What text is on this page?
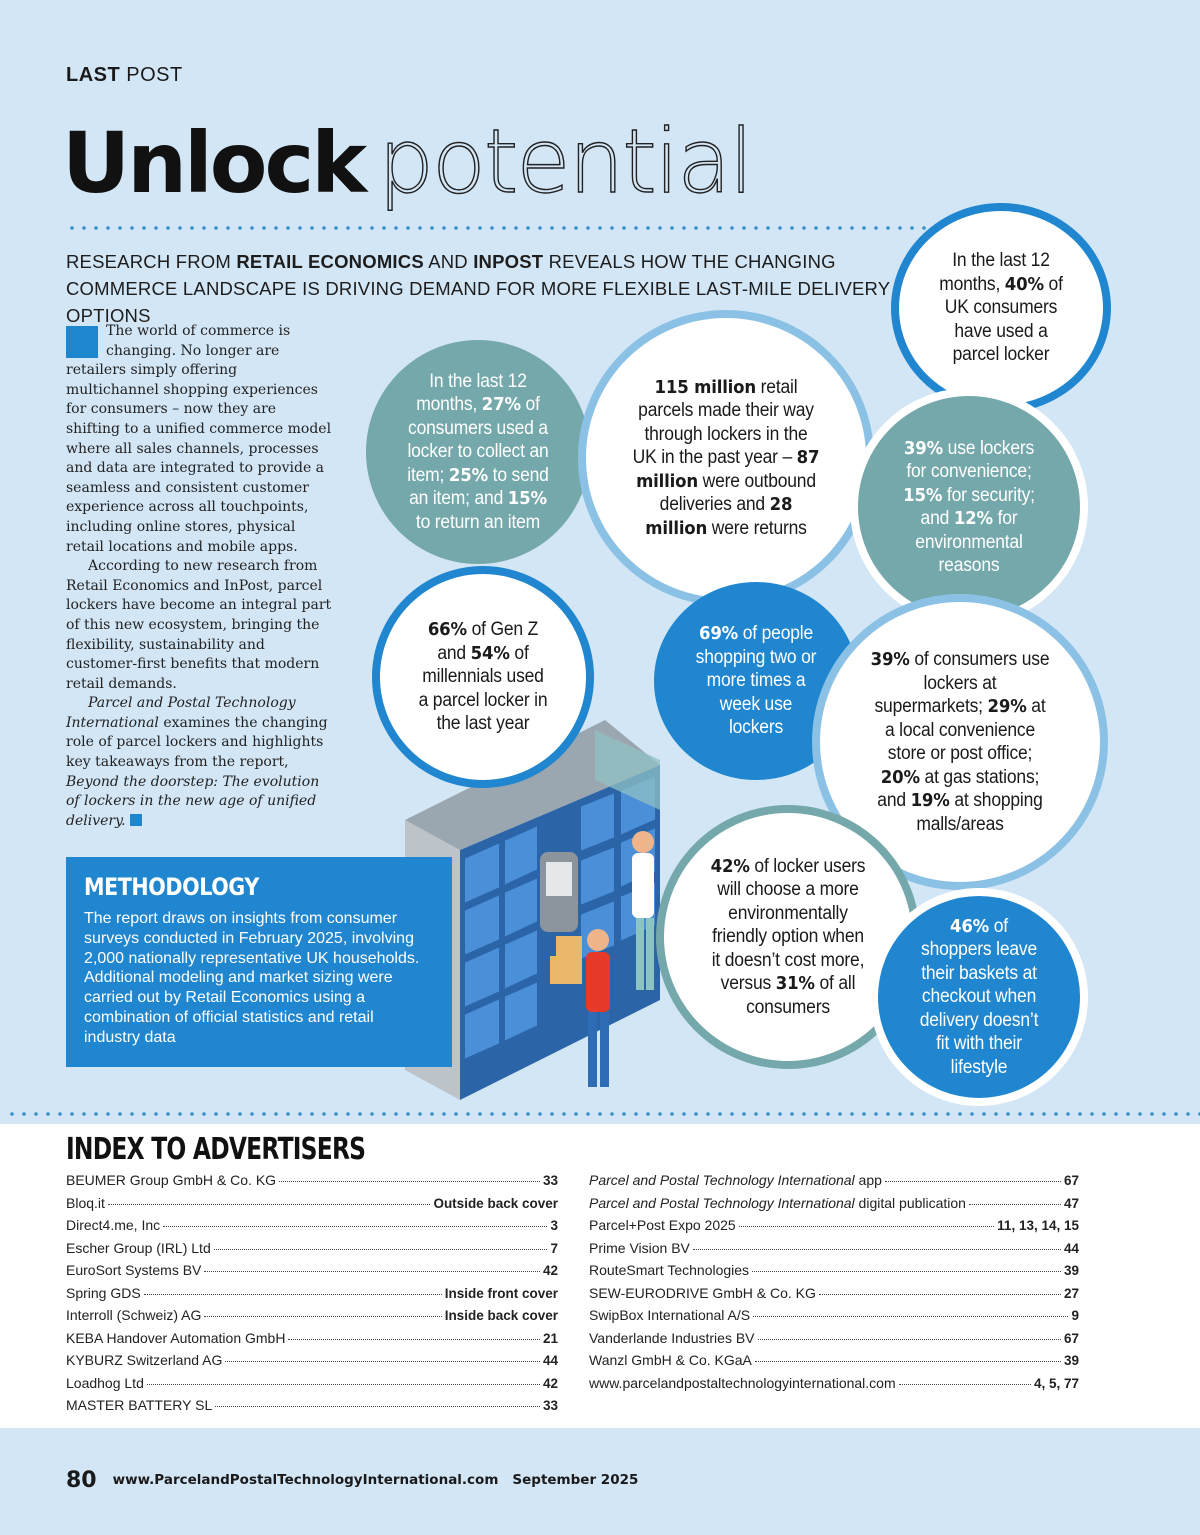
LAST POST
Unlock potential
RESEARCH FROM RETAIL ECONOMICS AND INPOST REVEALS HOW THE CHANGING COMMERCE LANDSCAPE IS DRIVING DEMAND FOR MORE FLEXIBLE LAST-MILE DELIVERY OPTIONS

The world of commerce is changing. No longer are retailers simply offering multichannel shopping experiences for consumers – now they are shifting to a unified commerce model where all sales channels, processes and data are integrated to provide a seamless and consistent customer experience across all touchpoints, including online stores, physical retail locations and mobile apps.

According to new research from Retail Economics and InPost, parcel lockers have become an integral part of this new ecosystem, bringing the flexibility, sustainability and customer-first benefits that modern retail demands.

Parcel and Postal Technology International examines the changing role of parcel lockers and highlights key takeaways from the report, Beyond the doorstep: The evolution of lockers in the new age of unified delivery.

In the last 12 months, 40% of UK consumers have used a parcel locker
In the last 12 months, 27% of consumers used a locker to collect an item; 25% to send an item; and 15% to return an item
115 million retail parcels made their way through lockers in the UK in the past year – 87 million were outbound deliveries and 28 million were returns
39% use lockers for convenience; 15% for security; and 12% for environmental reasons
66% of Gen Z and 54% of millennials used a parcel locker in the last year
69% of people shopping two or more times a week use lockers
39% of consumers use lockers at supermarkets; 29% at a local convenience store or post office; 20% at gas stations; and 19% at shopping malls/areas
42% of locker users will choose a more environmentally friendly option when it doesn’t cost more, versus 31% of all consumers
46% of shoppers leave their baskets at checkout when delivery doesn’t fit with their lifestyle
METHODOLOGY

The report draws on insights from consumer surveys conducted in February 2025, involving 2,000 nationally representative UK households. Additional modeling and market sizing were carried out by Retail Economics using a combination of official statistics and retail industry data

INDEX TO ADVERTISERS
BEUMER Group GmbH & Co. KG	33
Bloq.it	Outside back cover
Direct4.me, Inc	3
Escher Group (IRL) Ltd	7
EuroSort Systems BV	42
Spring GDS	Inside front cover
Interroll (Schweiz) AG	Inside back cover
KEBA Handover Automation GmbH	21
KYBURZ Switzerland AG	44
Loadhog Ltd	42
MASTER BATTERY SL	33
Parcel and Postal Technology International app	67
Parcel and Postal Technology International digital publication	47
Parcel+Post Expo 2025	11, 13, 14, 15
Prime Vision BV	44
RouteSmart Technologies	39
SEW-EURODRIVE GmbH & Co. KG	27
SwipBox International A/S	9
Vanderlande Industries BV	67
Wanzl GmbH & Co. KGaA	39
www.parcelandpostaltechnologyinternational.com	4, 5, 77
80 www.ParcelandPostalTechnologyInternational.com September 2025
